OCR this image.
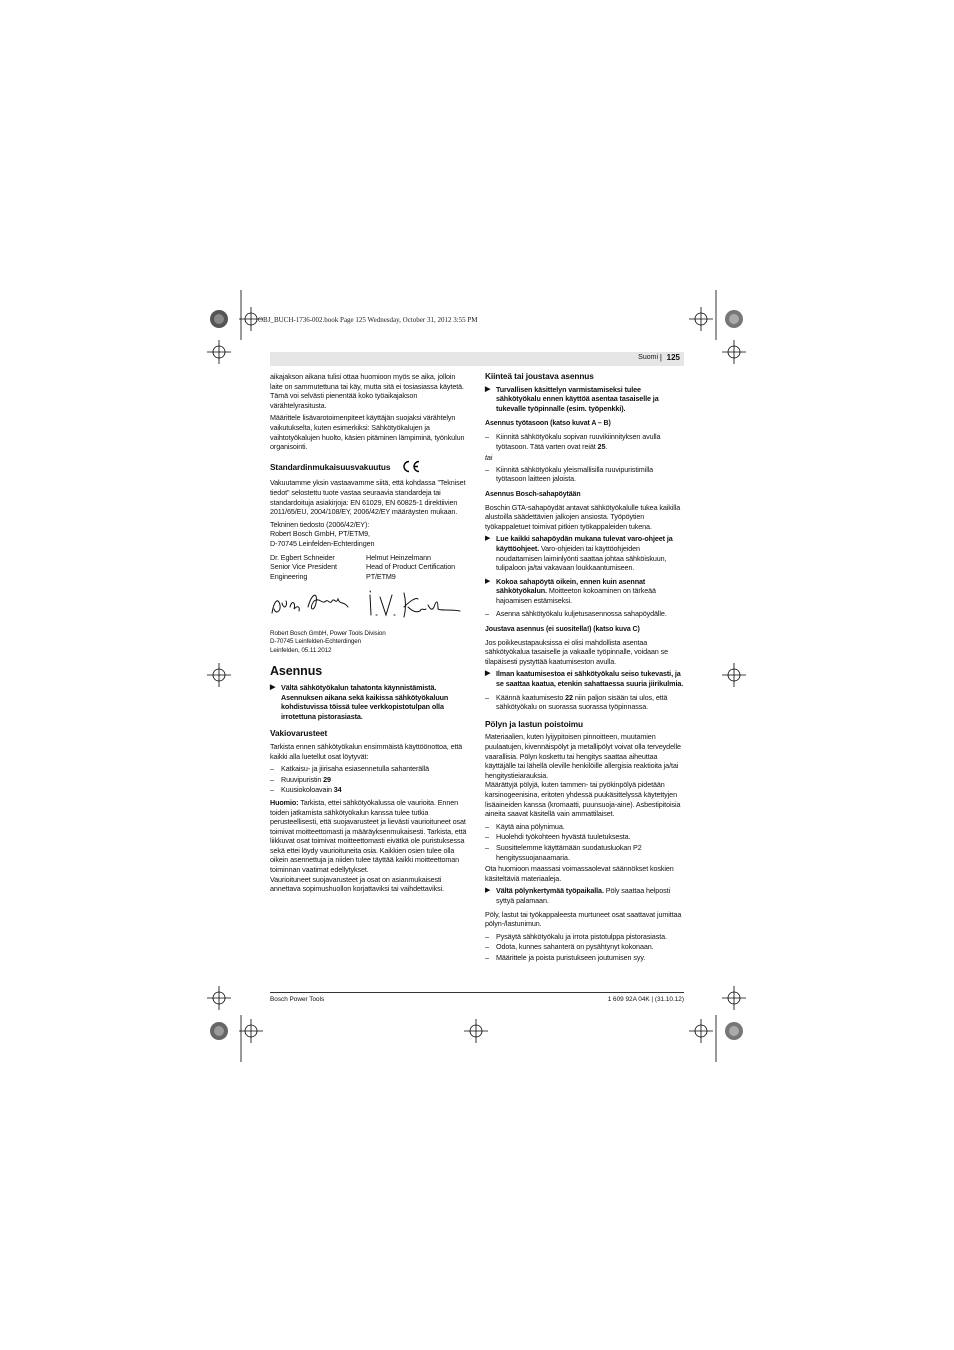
OBJ_BUCH-1736-002.book Page 125 Wednesday, October 31, 2012 3:55 PM
Suomi | 125

aikajakson aikana tulisi ottaa huomioon myös se aika, jolloin laite on sammutettuna tai käy, mutta sitä ei tosiasiassa käytetä. Tämä voi selvästi pienentää koko työaikajakson värähtelyrasitusta.

Määrittele lisävarotoimenpiteet käyttäjän suojaksi värähtelyn vaikutukselta, kuten esimerkiksi: Sähkötyökalujen ja vaihtotyökalujen huolto, käsien pitäminen lämpiminä, työnkulun organisointi.

Standardinmukaisuusvakuutus

Vakuutamme yksin vastaavamme siitä, että kohdassa "Tekniset tiedot" selostettu tuote vastaa seuraavia standardeja tai standardoituja asiakirjoja: EN 61029, EN 60825-1 direktiivien 2011/65/EU, 2004/108/EY, 2006/42/EY määräysten mukaan.

Tekninen tiedosto (2006/42/EY):
Robert Bosch GmbH, PT/ETM9,
D-70745 Leinfelden-Echterdingen
Dr. Egbert Schneider	Helmut Heinzelmann
Senior Vice President	Head of Product Certification
Engineering	PT/ETM9
Robert Bosch GmbH, Power Tools Division
D-70745 Leinfelden-Echterdingen
Leinfelden, 05.11.2012
Asennus
▶ Vältä sähkötyökalun tahatonta käynnistämistä. Asennuksen aikana sekä kaikissa sähkötyökaluun kohdistuvissa töissä tulee verkkopistotulpan olla irrotettuna pistorasiasta.
Vakiovarusteet

Tarkista ennen sähkötyökalun ensimmäistä käyttöönottoa, että kaikki alla luetellut osat löytyvät:

– Katkaisu- ja jiirisaha esiasennetulla sahanterällä
– Ruuvipuristin 29
– Kuusiokoloavain 34

Huomio: Tarkista, ettei sähkötyökalussa ole vaurioita. Ennen toiden jatkamista sähkötyökalun kanssa tulee tutkia perusteellisesti, että suojavarusteet ja lievästi vaurioituneet osat toimivat moitteettomasti ja määräyksenmukaisesti. Tarkista, että liikkuvat osat toimivat moitteettomasti eivätkä ole puristuksessa sekä ettei löydy vaurioituneita osia. Kaikkien osien tulee olla oikein asennettuja ja niiden tulee täyttää kaikki moitteettoman toiminnan vaatimat edellytykset.
Vaurioituneet suojavarusteet ja osat on asianmukaisesti annettava sopimushuollon korjattaviksi tai vaihdettaviksi.

Kiinteä tai joustava asennus
▶ Turvallisen käsittelyn varmistamiseksi tulee sähkötyökalu ennen käyttöä asentaa tasaiselle ja tukevalle työpinnalle (esim. työpenkki).
Asennus työtasoon (katso kuvat A – B)
– Kiinnitä sähkötyökalu sopivan ruuvikiinnityksen avulla työtasoon. Tätä varten ovat reiät 25.

tai

– Kiinnitä sähkötyökalu yleismallisilla ruuvipuristimilla työtasoon laitteen jaloista.
Asennus Bosch-sahapöytään

Boschin GTA-sahapöydät antavat sähkötyökalulle tukea kaikilla alustoilla säädettävien jalkojen ansiosta. Työpöytien työkappaletuet toimivat pitkien työkappaleiden tukena.

▶ Lue kaikki sahapöydän mukana tulevat varo-ohjeet ja käyttöohjeet. Varo-ohjeiden tai käyttöohjeiden noudattamisen laiminlyönti saattaa johtaa sähköiskuun, tulipaloon ja/tai vakavaan loukkaantumiseen.
▶ Kokoa sahapöytä oikein, ennen kuin asennat sähkötyökalun. Moitteeton kokoaminen on tärkeää hajoamisen estämiseksi.
– Asenna sähkötyökalu kuljetusasennossa sahapöydälle.
Joustava asennus (ei suositella!) (katso kuva C)

Jos poikkeustapauksissa ei olisi mahdollista asentaa sähkötyökalua tasaiselle ja vakaalle työpinnalle, voidaan se tilapäisesti pystyttää kaatumiseston avulla.

▶ Ilman kaatumisestoa ei sähkötyökalu seiso tukevasti, ja se saattaa kaatua, etenkin sahattaessa suuria jiirikulmia.
– Käännä kaatumisesto 22 niin paljon sisään tai ulos, että sähkötyökalu on suorassa suorassa työpinnassa.
Pölyn ja lastun poistoimu

Materiaalien, kuten lyijypitoisen pinnoitteen, muutamien puulaatujen, kivennäispölyt ja metallipölyt voivat olla terveydelle vaarallisia. Pölyn koskettu tai hengitys saattaa aiheuttaa käyttäjälle tai lähellä oleville henkilöille allergisia reaktioita ja/tai hengitystieiarauksia.

Määrättyjä pölyjä, kuten tammen- tai pyökinpölyä pidetään karsinogeenisina, eritoten yhdessä puukäsittelyssä käytettyjen lisäaineiden kanssa (kromaatti, puunsuoja-aine). Asbestipitoisia aineita saavat käsitellä vain ammattilaiset.

– Käytä aina pölynimua.
– Huolehdi työkohteen hyvästä tuuletuksesta.
– Suosittelemme käyttämään suodatusluokan P2 hengityssuojanaamaria.

Ota huomioon maassasi voimassaolevat säännökset koskien käsiteltäviä materiaaleja.

▶ Vältä pölynkertymää työpaikalla. Pöly saattaa helposti syttyä palamaan.

Pöly, lastut tai työkappaleesta murtuneet osat saattavat jumittaa pölyn-/lastunimun.

– Pysäytä sähkötyökalu ja irrota pistotulppa pistorasiasta.
– Odota, kunnes sahanterä on pysähtynyt kokonaan.
– Määrittele ja poista puristukseen joutumisen syy.
Bosch Power Tools	1 609 92A 04K | (31.10.12)
